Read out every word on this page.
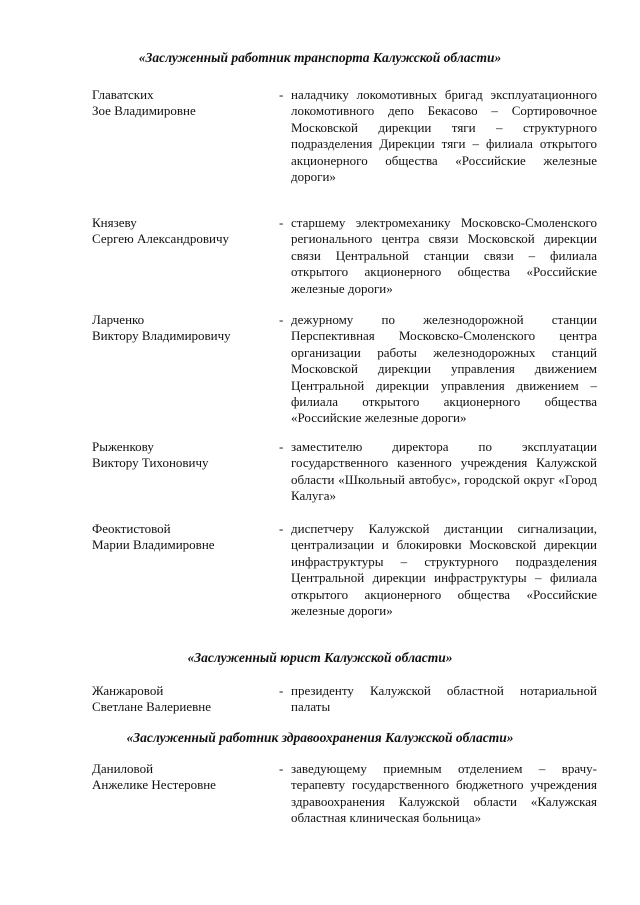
«Заслуженный работник транспорта Калужской области»
Главатских
Зое Владимировне
- наладчику локомотивных бригад эксплуатационного локомотивного депо Бекасово – Сортировочное Московской дирекции тяги – структурного подразделения Дирекции тяги – филиала открытого акционерного общества «Российские железные дороги»
Князеву
Сергею Александровичу
- старшему электромеханику Московско-Смоленского регионального центра связи Московской дирекции связи Центральной станции связи – филиала открытого акционерного общества «Российские железные дороги»
Ларченко
Виктору Владимировичу
- дежурному по железнодорожной станции Перспективная Московско-Смоленского центра организации работы железнодорожных станций Московской дирекции управления движением Центральной дирекции управления движением – филиала открытого акционерного общества «Российские железные дороги»
Рыженкову
Виктору Тихоновичу
- заместителю директора по эксплуатации государственного казенного учреждения Калужской области «Школьный автобус», городской округ «Город Калуга»
Феоктистовой
Марии Владимировне
- диспетчеру Калужской дистанции сигнализации, централизации и блокировки Московской дирекции инфраструктуры – структурного подразделения Центральной дирекции инфраструктуры – филиала открытого акционерного общества «Российские железные дороги»
«Заслуженный юрист Калужской области»
Жанжаровой
Светлане Валериевне
- президенту Калужской областной нотариальной палаты
«Заслуженный работник здравоохранения Калужской области»
Даниловой
Анжелике Нестеровне
- заведующему приемным отделением – врачу-терапевту государственного бюджетного учреждения здравоохранения Калужской области «Калужская областная клиническая больница»
